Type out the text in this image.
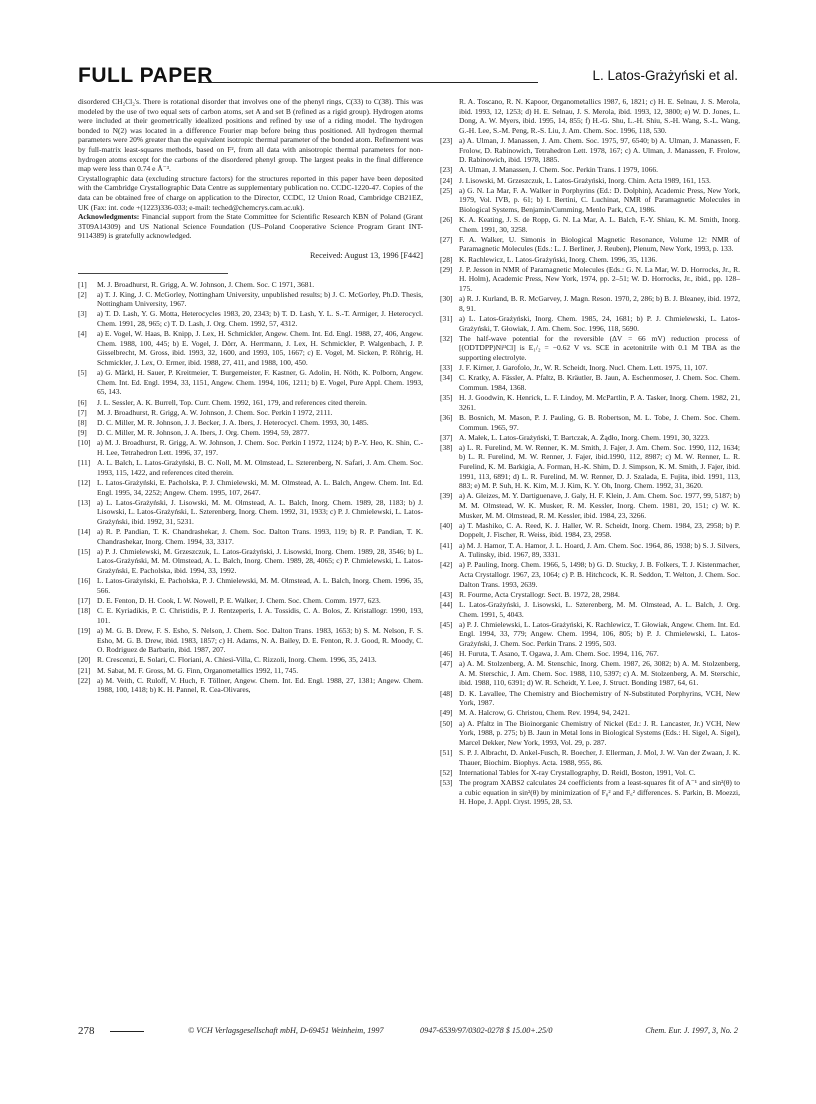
FULL PAPER	L. Latos-Grażyński et al.

disordered CH₂Cl₂'s. There is rotational disorder that involves one of the phenyl rings, C(33) to C(38). This was modeled by the use of two equal sets of carbon atoms, set A and set B (refined as a rigid group). Hydrogen atoms were included at their geometrically idealized positions and refined by use of a riding model. The hydrogen bonded to N(2) was located in a difference Fourier map before being thus positioned. All hydrogen thermal parameters were 20% greater than the equivalent isotropic thermal parameter of the bonded atom. Refinement was by full-matrix least-squares methods, based on F², from all data with anisotropic thermal parameters for non-hydrogen atoms except for the carbons of the disordered phenyl group. The largest peaks in the final difference map were less than 0.74 e Å⁻³.

Crystallographic data (excluding structure factors) for the structures reported in this paper have been deposited with the Cambridge Crystallographic Data Centre as supplementary publication no. CCDC-1220-47. Copies of the data can be obtained free of charge on application to the Director, CCDC, 12 Union Road, Cambridge CB21EZ, UK (Fax: int. code +(1223)336-033; e-mail: teched@chemcrys.cam.ac.uk).

Acknowledgments: Financial support from the State Committee for Scientific Research KBN of Poland (Grant 3T09A14309) and US National Science Foundation (US–Poland Cooperative Science Program Grant INT-9114389) is gratefully acknowledged.

Received: August 13, 1996 [F442]
[1]	M. J. Broadhurst, R. Grigg, A. W. Johnson, J. Chem. Soc. C 1971, 3681.
[2]	a) T. J. King, J. C. McGorley, Nottingham University, unpublished results; b) J. C. McGorley, Ph.D. Thesis, Nottingham University, 1967.
[3]	a) T. D. Lash, Y. G. Motta, Heterocycles 1983, 20, 2343; b) T. D. Lash, Y. L. S.-T. Armiger, J. Heterocycl. Chem. 1991, 28, 965; c) T. D. Lash, J. Org. Chem. 1992, 57, 4312.
[4]	a) E. Vogel, W. Haas, B. Knipp, J. Lex, H. Schmickler, Angew. Chem. Int. Ed. Engl. 1988, 27, 406, Angew. Chem. 1988, 100, 445; b) E. Vogel, J. Dörr, A. Herrmann, J. Lex, H. Schmickler, P. Walgenbach, J. P. Gisselbrecht, M. Gross, ibid. 1993, 32, 1600, and 1993, 105, 1667; c) E. Vogel, M. Sicken, P. Röhrig, H. Schmickler, J. Lex, O. Ermer, ibid. 1988, 27, 411, and 1988, 100, 450.
[5]	a) G. Märkl, H. Sauer, P. Kreitmeier, T. Burgemeister, F. Kastner, G. Adolin, H. Nöth, K. Polborn, Angew. Chem. Int. Ed. Engl. 1994, 33, 1151, Angew. Chem. 1994, 106, 1211; b) E. Vogel, Pure Appl. Chem. 1993, 65, 143.
[6]	J. L. Sessler, A. K. Burrell, Top. Curr. Chem. 1992, 161, 179, and references cited therein.
[7]	M. J. Broadhurst, R. Grigg, A. W. Johnson, J. Chem. Soc. Perkin I 1972, 2111.
[8]	D. C. Miller, M. R. Johnson, J. J. Becker, J. A. Ibers, J. Heterocycl. Chem. 1993, 30, 1485.
[9]	D. C. Miller, M. R. Johnson, J. A. Ibers, J. Org. Chem. 1994, 59, 2877.
[10] a) M. J. Broadhurst, R. Grigg, A. W. Johnson, J. Chem. Soc. Perkin I 1972, 1124; b) P.-Y. Heo, K. Shin, C.-H. Lee, Tetrahedron Lett. 1996, 37, 197.
[11] A. L. Balch, L. Latos-Grażyński, B. C. Noll, M. M. Olmstead, L. Szterenberg, N. Safari, J. Am. Chem. Soc. 1993, 115, 1422, and references cited therein.
[12] L. Latos-Grażyński, E. Pacholska, P. J. Chmielewski, M. M. Olmstead, A. L. Balch, Angew. Chem. Int. Ed. Engl. 1995, 34, 2252; Angew. Chem. 1995, 107, 2647.
[13] a) L. Latos-Grażyński, J. Lisowski, M. M. Olmstead, A. L. Balch, Inorg. Chem. 1989, 28, 1183; b) J. Lisowski, L. Latos-Grażyński, L. Szterenberg, Inorg. Chem. 1992, 31, 1933; c) P. J. Chmielewski, L. Latos-Grażyński, ibid. 1992, 31, 5231.
[14] a) R. P. Pandian, T. K. Chandrashekar, J. Chem. Soc. Dalton Trans. 1993, 119; b) R. P. Pandian, T. K. Chandrashekar, Inorg. Chem. 1994, 33, 3317.
[15] a) P. J. Chmielewski, M. Grzeszczuk, L. Latos-Grażyński, J. Lisowski, Inorg. Chem. 1989, 28, 3546; b) L. Latos-Grażyński, M. M. Olmstead, A. L. Balch, Inorg. Chem. 1989, 28, 4065; c) P. Chmielewski, L. Latos-Grażyński, E. Pacholska, ibid. 1994, 33, 1992.
[16] L. Latos-Grażyński, E. Pacholska, P. J. Chmielewski, M. M. Olmstead, A. L. Balch, Inorg. Chem. 1996, 35, 566.
[17] D. E. Fenton, D. H. Cook, I. W. Nowell, P. E. Walker, J. Chem. Soc. Chem. Comm. 1977, 623.
[18] C. E. Kyriadikis, P. C. Christidis, P. J. Rentzeperis, I. A. Tossidis, C. A. Bolos, Z. Kristallogr. 1990, 193, 101.
[19] a) M. G. B. Drew, F. S. Esho, S. Nelson, J. Chem. Soc. Dalton Trans. 1983, 1653; b) S. M. Nelson, F. S. Esho, M. G. B. Drew, ibid. 1983, 1857; c) H. Adams, N. A. Bailey, D. E. Fenton, R. J. Good, R. Moody, C. O. Rodriguez de Barbarin, ibid. 1987, 207.
[20] R. Crescenzi, E. Solari, C. Floriani, A. Chiesi-Villa, C. Rizzoli, Inorg. Chem. 1996, 35, 2413.
[21] M. Sabat, M. F. Gross, M. G. Finn, Organometallics 1992, 11, 745.
[22] a) M. Veith, C. Ruloff, V. Huch, F. Töllner, Angew. Chem. Int. Ed. Engl. 1988, 27, 1381; Angew. Chem. 1988, 100, 1418; b) K. H. Pannel, R. Cea-Olivares,
R. A. Toscano, R. N. Kapoor, Organometallics 1987, 6, 1821; c) H. E. Selnau, J. S. Merola, ibid. 1993, 12, 1253; d) H. E. Selnau, J. S. Merola, ibid. 1993, 12, 3800; e) W. D. Jones, L. Dong, A. W. Myers, ibid. 1995, 14, 855; f) H.-G. Shu, L.-H. Shiu, S.-H. Wang, S.-L. Wang, G.-H. Lee, S.-M. Peng, R.-S. Liu, J. Am. Chem. Soc. 1996, 118, 530.
[23] a) A. Ulman, J. Manassen, J. Am. Chem. Soc. 1975, 97, 6540; b) A. Ulman, J. Manassen, F. Frolow, D. Rabinowich, Tetrahedron Lett. 1978, 167; c) A. Ulman, J. Manassen, F. Frolow, D. Rabinowich, ibid. 1978, 1885.
[23] A. Ulman, J. Manassen, J. Chem. Soc. Perkin Trans. I 1979, 1066.
[24] J. Lisowski, M. Grzeszczuk, L. Latos-Grażyński, Inorg. Chim. Acta 1989, 161, 153.
[25] a) G. N. La Mar, F. A. Walker in Porphyrins (Ed.: D. Dolphin), Academic Press, New York, 1979, Vol. IVB, p. 61; b) I. Bertini, C. Luchinat, NMR of Paramagnetic Molecules in Biological Systems, Benjamin/Cumming, Menlo Park, CA, 1986.
[26] K. A. Keating, J. S. de Ropp, G. N. La Mar, A. L. Balch, F.-Y. Shiau, K. M. Smith, Inorg. Chem. 1991, 30, 3258.
[27] F. A. Walker, U. Simonis in Biological Magnetic Resonance, Volume 12: NMR of Paramagnetic Molecules (Eds.: L. J. Berliner, J. Reuben), Plenum, New York, 1993, p. 133.
[28] K. Rachlewicz, L. Latos-Grażyński, Inorg. Chem. 1996, 35, 1136.
[29] J. P. Jesson in NMR of Paramagnetic Molecules (Eds.: G. N. La Mar, W. D. Horrocks, Jr., R. H. Holm), Academic Press, New York, 1974, pp. 2–51; W. D. Horrocks, Jr., ibid., pp. 128–175.
[30] a) R. J. Kurland, B. R. McGarvey, J. Magn. Reson. 1970, 2, 286; b) B. J. Bleaney, ibid. 1972, 8, 91.
[31] a) L. Latos-Grażyński, Inorg. Chem. 1985, 24, 1681; b) P. J. Chmielewski, L. Latos-Grażyński, T. Głowiak, J. Am. Chem. Soc. 1996, 118, 5690.
[32] The half-wave potential for the reversible (ΔV = 66 mV) reduction process of [(ODTDPP)NiᴵᴵCl] is E₁/₂ = −0.62 V vs. SCE in acetonitrile with 0.1 M TBA as the supporting electrolyte.
[33] J. F. Kirner, J. Garofolo, Jr., W. R. Scheidt, Inorg. Nucl. Chem. Lett. 1975, 11, 107.
[34] C. Kratky, A. Fässler, A. Pfaltz, B. Kräutler, B. Jaun, A. Eschenmoser, J. Chem. Soc. Chem. Commun. 1984, 1368.
[35] H. J. Goodwin, K. Henrick, L. F. Lindoy, M. McPartlin, P. A. Tasker, Inorg. Chem. 1982, 21, 3261.
[36] B. Bosnich, M. Mason, P. J. Pauling, G. B. Robertson, M. L. Tobe, J. Chem. Soc. Chem. Commun. 1965, 97.
[37] A. Małek, L. Latos-Grażyński, T. Bartczak, A. Żądło, Inorg. Chem. 1991, 30, 3223.
[38] a) L. R. Furelind, M. W. Renner, K. M. Smith, J. Fajer, J. Am. Chem. Soc. 1990, 112, 1634; b) L. R. Furelind, M. W. Renner, J. Fajer, ibid.1990, 112, 8987; c) M. W. Renner, L. R. Furelind, K. M. Barkigia, A. Forman, H.-K. Shim, D. J. Simpson, K. M. Smith, J. Fajer, ibid. 1991, 113, 6891; d) L. R. Furelind, M. W. Renner, D. J. Szalada, E. Fujita, ibid. 1991, 113, 883; e) M. P. Suh, H. K. Kim, M. J. Kim, K. Y. Oh, Inorg. Chem. 1992, 31, 3620.
[39] a) A. Gleizes, M. Y. Dartiguenave, J. Galy, H. F. Klein, J. Am. Chem. Soc. 1977, 99, 5187; b) M. M. Olmstead, W. K. Musker, R. M. Kessler, Inorg. Chem. 1981, 20, 151; c) W. K. Musker, M. M. Olmstead, R. M. Kessler, ibid. 1984, 23, 3266.
[40] a) T. Mashiko, C. A. Reed, K. J. Haller, W. R. Scheidt, Inorg. Chem. 1984, 23, 2958; b) P. Doppelt, J. Fischer, R. Weiss, ibid. 1984, 23, 2958.
[41] a) M. J. Hamor, T. A. Hamor, J. L. Hoard, J. Am. Chem. Soc. 1964, 86, 1938; b) S. J. Silvers, A. Tulinsky, ibid. 1967, 89, 3331.
[42] a) P. Pauling, Inorg. Chem. 1966, 5, 1498; b) G. D. Stucky, J. B. Folkers, T. J. Kistenmacher, Acta Crystallogr. 1967, 23, 1064; c) P. B. Hitchcock, K. R. Seddon, T. Welton, J. Chem. Soc. Dalton Trans. 1993, 2639.
[43] R. Fourme, Acta Crystallogr. Sect. B. 1972, 28, 2984.
[44] L. Latos-Grażyński, J. Lisowski, L. Szterenberg, M. M. Olmstead, A. L. Balch, J. Org. Chem. 1991, 5, 4043.
[45] a) P. J. Chmielewski, L. Latos-Grażyński, K. Rachlewicz, T. Głowiak, Angew. Chem. Int. Ed. Engl. 1994, 33, 779; Angew. Chem. 1994, 106, 805; b) P. J. Chmielewski, L. Latos-Grażyński, J. Chem. Soc. Perkin Trans. 2 1995, 503.
[46] H. Furuta, T. Asano, T. Ogawa, J. Am. Chem. Soc. 1994, 116, 767.
[47] a) A. M. Stolzenberg, A. M. Stenschic, Inorg. Chem. 1987, 26, 3082; b) A. M. Stolzenberg, A. M. Sterschic, J. Am. Chem. Soc. 1988, 110, 5397; c) A. M. Stolzenberg, A. M. Sterschic, ibid. 1988, 110, 6391; d) W. R. Scheidt, Y. Lee, J. Struct. Bonding 1987, 64, 61.
[48] D. K. Lavallee, The Chemistry and Biochemistry of N-Substituted Porphyrins, VCH, New York, 1987.
[49] M. A. Halcrow, G. Christou, Chem. Rev. 1994, 94, 2421.
[50] a) A. Pfaltz in The Bioinorganic Chemistry of Nickel (Ed.: J. R. Lancaster, Jr.) VCH, New York, 1988, p. 275; b) B. Jaun in Metal Ions in Biological Systems (Eds.: H. Sigel, A. Sigel), Marcel Dekker, New York, 1993, Vol. 29, p. 287.
[51] S. P. J. Albracht, D. Ankel-Fusch, R. Boecher, J. Ellerman, J. Mol, J. W. Van der Zwaan, J. K. Thauer, Biochim. Biophys. Acta. 1988, 955, 86.
[52] International Tables for X-ray Crystallography, D. Reidl, Boston, 1991, Vol. C.
[53] The program XABS2 calculates 24 coefficients from a least-squares fit of A⁻¹ and sin²(θ) to a cubic equation in sin²(θ) by minimization of F₀² and F꜀² differences. S. Parkin, B. Moezzi, H. Hope, J. Appl. Cryst. 1995, 28, 53.
278	© VCH Verlagsgesellschaft mbH, D-69451 Weinheim, 1997	0947-6539/97/0302-0278 $ 15.00+.25/0	Chem. Eur. J. 1997, 3, No. 2
